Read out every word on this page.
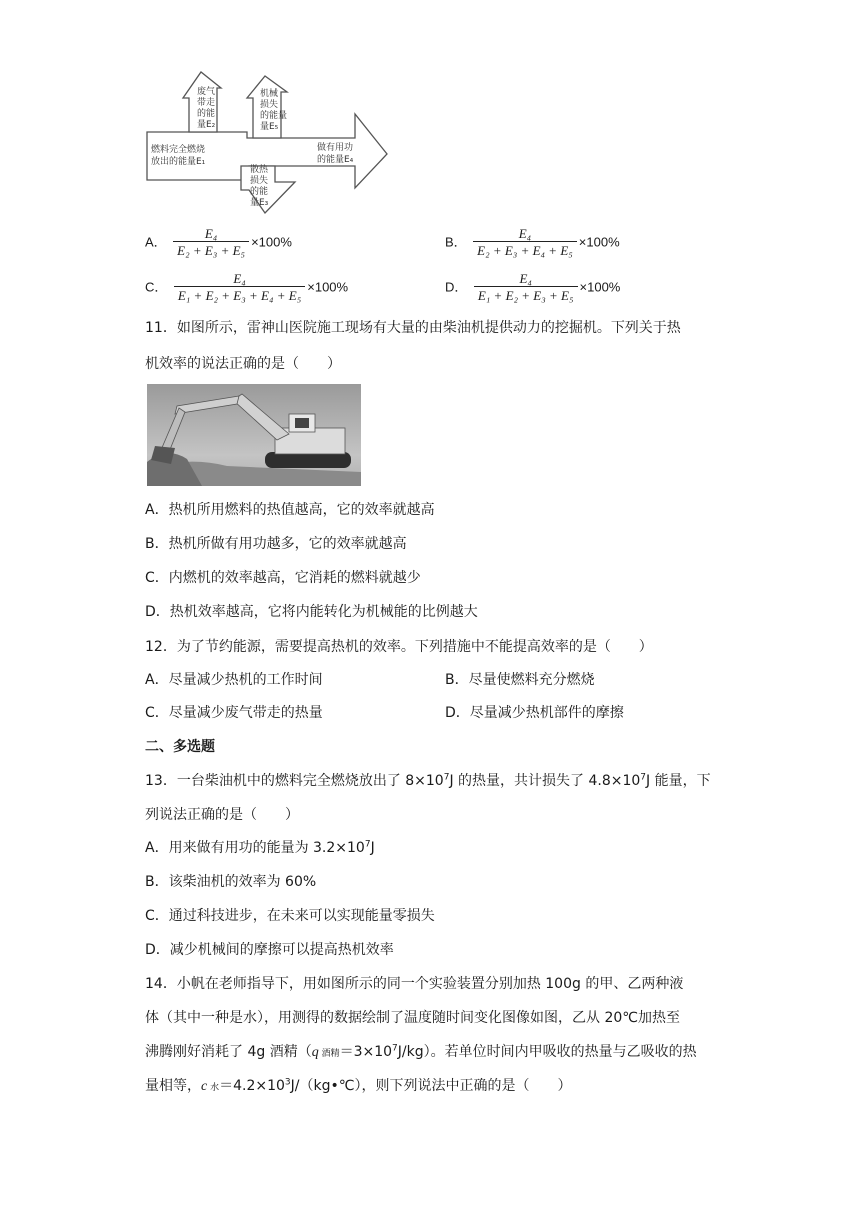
燃料完全燃烧
放出的能量E₁
废气
带走
的能
量E₂
机械
损失
的能量
量E₅
做有用功
的能量E₄
散热
损失
的能
量E₃
A． $\frac{\text{E₄}}{\text{E₂ + E₃ + E₅}} \times 100\%$	B． $\frac{\text{E₄}}{\text{E₂ + E₃ + E₄ + E₅}} \times 100\%$
C． $\frac{\text{E₄}}{\text{E₁ + E₂ + E₃ + E₄ + E₅}} \times 100\%$	D． $\frac{\text{E₄}}{\text{E₁ + E₂ + E₃ + E₅}} \times 100\%$
11．如图所示，雷神山医院施工现场有大量的由柴油机提供动力的挖掘机。下列关于热
机效率的说法正确的是（　　）
A．热机所用燃料的热值越高，它的效率就越高
B．热机所做有用功越多，它的效率就越高
C．内燃机的效率越高，它消耗的燃料就越少
D．热机效率越高，它将内能转化为机械能的比例越大
12．为了节约能源，需要提高热机的效率。下列措施中不能提高效率的是（　　）
A．尽量减少热机的工作时间	B．尽量使燃料充分燃烧
C．尽量减少废气带走的热量	D．尽量减少热机部件的摩擦
二、多选题
13．一台柴油机中的燃料完全燃烧放出了 $8\times 10^7J$ 的热量，共计损失了 $4.8\times 10^7J$ 能量，下
列说法正确的是（　　）
A．用来做有用功的能量为 $3.2\times 10^7J$
B．该柴油机的效率为 60%
C．通过科技进步，在未来可以实现能量零损失
D．减少机械间的摩擦可以提高热机效率
14．小帆在老师指导下，用如图所示的同一个实验装置分别加热 100g 的甲、乙两种液
体（其中一种是水），用测得的数据绘制了温度随时间变化图像如图，乙从 20℃加热至
沸腾刚好消耗了 4g 酒精（q 酒精$=3\times 10^7J/kg$）。若单位时间内甲吸收的热量与乙吸收的热
量相等，c 水$=4.2\times 10^3J/(kg•℃)$，则下列说法中正确的是（　　）
